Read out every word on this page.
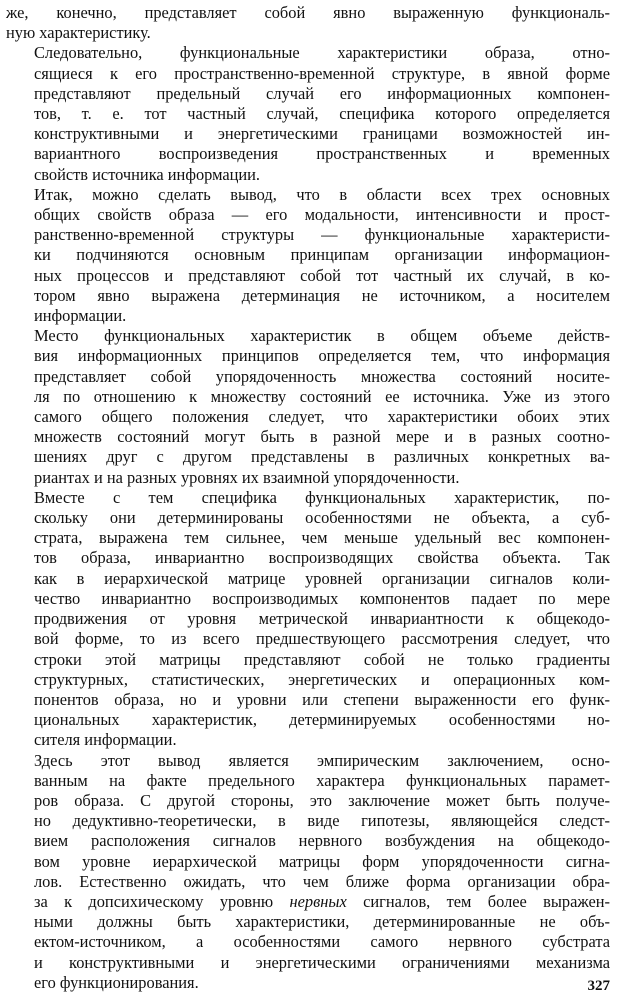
же, конечно, представляет собой явно выраженную функциональ-
ную характеристику.

Следовательно, функциональные характеристики образа, отно-
сящиеся к его пространственно-временной структуре, в явной форме
представляют предельный случай его информационных компонен-
тов, т. е. тот частный случай, специфика которого определяется
конструктивными и энергетическими границами возможностей ин-
вариантного воспроизведения пространственных и временных
свойств источника информации.

Итак, можно сделать вывод, что в области всех трех основных
общих свойств образа — его модальности, интенсивности и прост-
ранственно-временной структуры — функциональные характеристи-
ки подчиняются основным принципам организации информацион-
ных процессов и представляют собой тот частный их случай, в ко-
тором явно выражена детерминация не источником, а носителем
информации.

Место функциональных характеристик в общем объеме действ-
вия информационных принципов определяется тем, что информация
представляет собой упорядоченность множества состояний носите-
ля по отношению к множеству состояний ее источника. Уже из этого
самого общего положения следует, что характеристики обоих этих
множеств состояний могут быть в разной мере и в разных соотно-
шениях друг с другом представлены в различных конкретных ва-
риантах и на разных уровнях их взаимной упорядоченности.

Вместе с тем специфика функциональных характеристик, по-
скольку они детерминированы особенностями не объекта, а суб-
страта, выражена тем сильнее, чем меньше удельный вес компонен-
тов образа, инвариантно воспроизводящих свойства объекта. Так
как в иерархической матрице уровней организации сигналов коли-
чество инвариантно воспроизводимых компонентов падает по мере
продвижения от уровня метрической инвариантности к общекодо-
вой форме, то из всего предшествующего рассмотрения следует, что
строки этой матрицы представляют собой не только градиенты
структурных, статистических, энергетических и операционных ком-
понентов образа, но и уровни или степени выраженности его функ-
циональных характеристик, детерминируемых особенностями но-
сителя информации.

Здесь этот вывод является эмпирическим заключением, осно-
ванным на факте предельного характера функциональных парамет-
ров образа. С другой стороны, это заключение может быть получе-
но дедуктивно-теоретически, в виде гипотезы, являющейся следст-
вием расположения сигналов нервного возбуждения на общекодо-
вом уровне иерархической матрицы форм упорядоченности сигна-
лов. Естественно ожидать, что чем ближе форма организации обра-
за к допсихическому уровню нервных сигналов, тем более выражен-
ными должны быть характеристики, детерминированные не объ-
ектом-источником, а особенностями самого нервного субстрата
и конструктивными и энергетическими ограничениями механизма
его функционирования.	327
